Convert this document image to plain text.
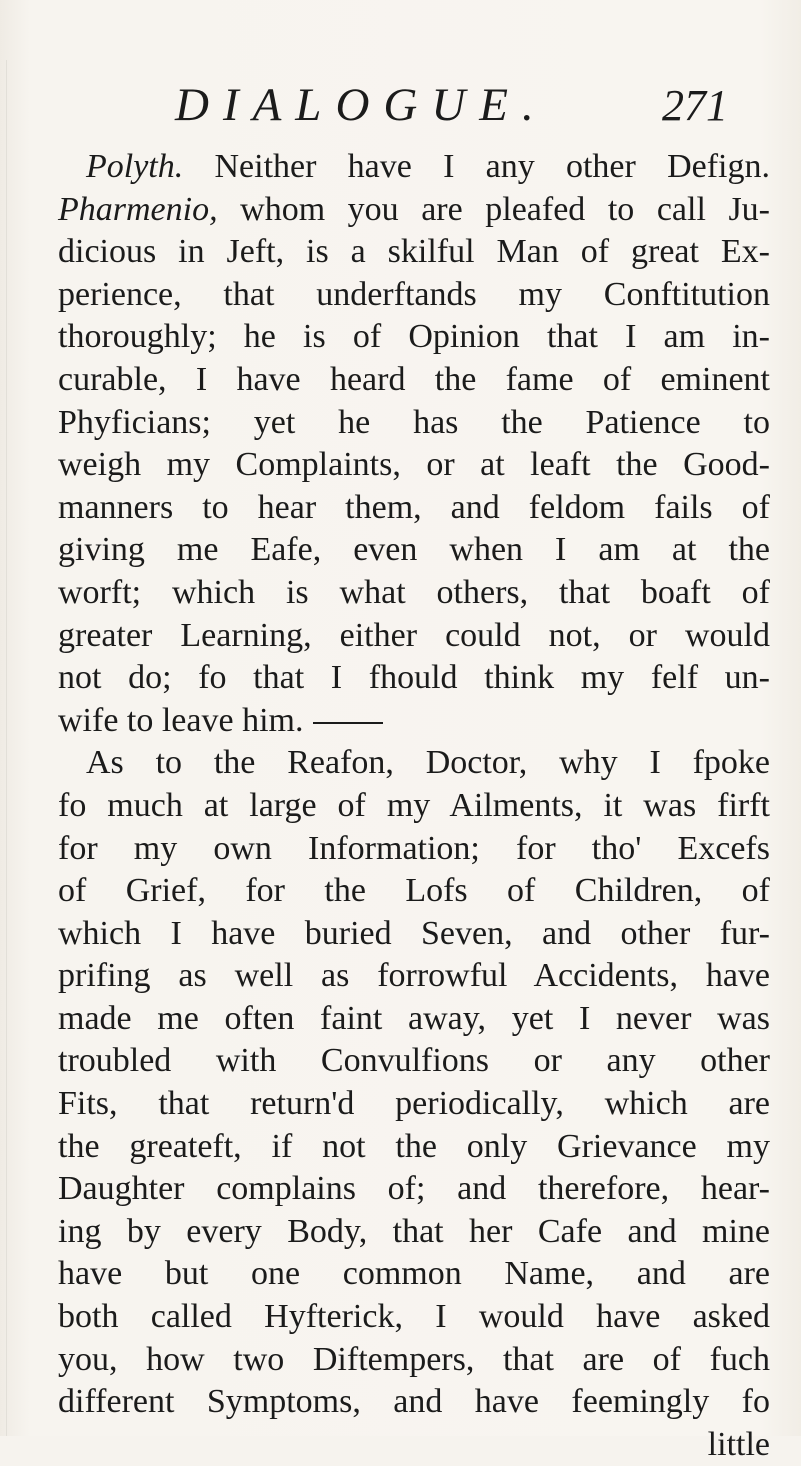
DIALOGUE.	271
Polyth. Neither have I any other Defign.
Pharmenio, whom you are pleafed to call Ju-
dicious in Jeft, is a skilful Man of great Ex-
perience, that underftands my Conftitution
thoroughly; he is of Opinion that I am in-
curable, I have heard the fame of eminent
Phyficians; yet he has the Patience to
weigh my Complaints, or at leaft the Good-
manners to hear them, and feldom fails of
giving me Eafe, even when I am at the
worft; which is what others, that boaft of
greater Learning, either could not, or would
not do; fo that I fhould think my felf un-
wife to leave him.
As to the Reafon, Doctor, why I fpoke
fo much at large of my Ailments, it was firft
for my own Information; for tho' Excefs
of Grief, for the Lofs of Children, of
which I have buried Seven, and other fur-
prifing as well as forrowful Accidents, have
made me often faint away, yet I never was
troubled with Convulfions or any other
Fits, that return'd periodically, which are
the greateft, if not the only Grievance my
Daughter complains of; and therefore, hear-
ing by every Body, that her Cafe and mine
have but one common Name, and are
both called Hyfterick, I would have asked
you, how two Diftempers, that are of fuch
different Symptoms, and have feemingly fo
little
